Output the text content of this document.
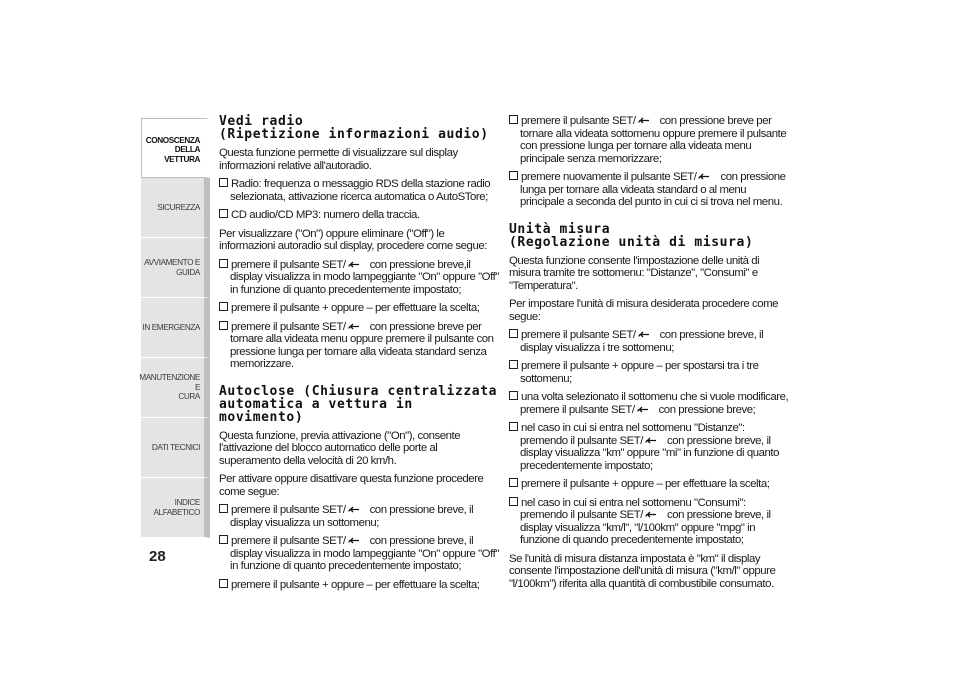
CONOSCENZA
DELLA VETTURA
SICUREZZA
AVVIAMENTO E
GUIDA
IN EMERGENZA
MANUTENZIONE E
CURA
DATI TECNICI
INDICE ALFABETICO
28
Vedi radio
(Ripetizione informazioni audio)

Questa funzione permette di visualizzare sul display informazioni relative all'autoradio.

Radio: frequenza o messaggio RDS della stazione radio selezionata, attivazione ricerca automatica o AutoSTore;
CD audio/CD MP3: numero della traccia.

Per visualizzare ("On") oppure eliminare ("Off") le informazioni autoradio sul display, procedere come segue:

premere il pulsante SET/ con pressione breve,il display visualizza in modo lampeggiante "On" oppure "Off" in funzione di quanto precedentemente impostato;
premere il pulsante + oppure – per effettuare la scelta;
premere il pulsante SET/ con pressione breve per tornare alla videata menu oppure premere il pulsante con pressione lunga per tornare alla videata standard senza memorizzare.
Autoclose (Chiusura centralizzata
automatica a vettura in movimento)

Questa funzione, previa attivazione ("On"), consente l'attivazione del blocco automatico delle porte al superamento della velocità di 20 km/h.

Per attivare oppure disattivare questa funzione procedere come segue:

premere il pulsante SET/ con pressione breve, il display visualizza un sottomenu;
premere il pulsante SET/ con pressione breve, il display visualizza in modo lampeggiante "On" oppure "Off" in funzione di quanto precedentemente impostato;
premere il pulsante + oppure – per effettuare la scelta;
premere il pulsante SET/ con pressione breve per tornare alla videata sottomenu oppure premere il pulsante con pressione lunga per tornare alla videata menu principale senza memorizzare;
premere nuovamente il pulsante SET/ con pressione lunga per tornare alla videata standard o al menu principale a seconda del punto in cui ci si trova nel menu.
Unità misura
(Regolazione unità di misura)

Questa funzione consente l'impostazione delle unità di misura tramite tre sottomenu: "Distanze", "Consumi" e "Temperatura".

Per impostare l'unità di misura desiderata procedere come segue:

premere il pulsante SET/ con pressione breve, il display visualizza i tre sottomenu;
premere il pulsante + oppure – per spostarsi tra i tre sottomenu;
una volta selezionato il sottomenu che si vuole modificare, premere il pulsante SET/ con pressione breve;
nel caso in cui si entra nel sottomenu "Distanze": premendo il pulsante SET/ con pressione breve, il display visualizza "km" oppure "mi" in funzione di quanto precedentemente impostato;
premere il pulsante + oppure – per effettuare la scelta;
nel caso in cui si entra nel sottomenu "Consumi": premendo il pulsante SET/ con pressione breve, il display visualizza "km/l", "l/100km" oppure "mpg" in funzione di quando precedentemente impostato;

Se l'unità di misura distanza impostata è "km" il display consente l'impostazione dell'unità di misura ("km/l" oppure "l/100km") riferita alla quantità di combustibile consumato.
